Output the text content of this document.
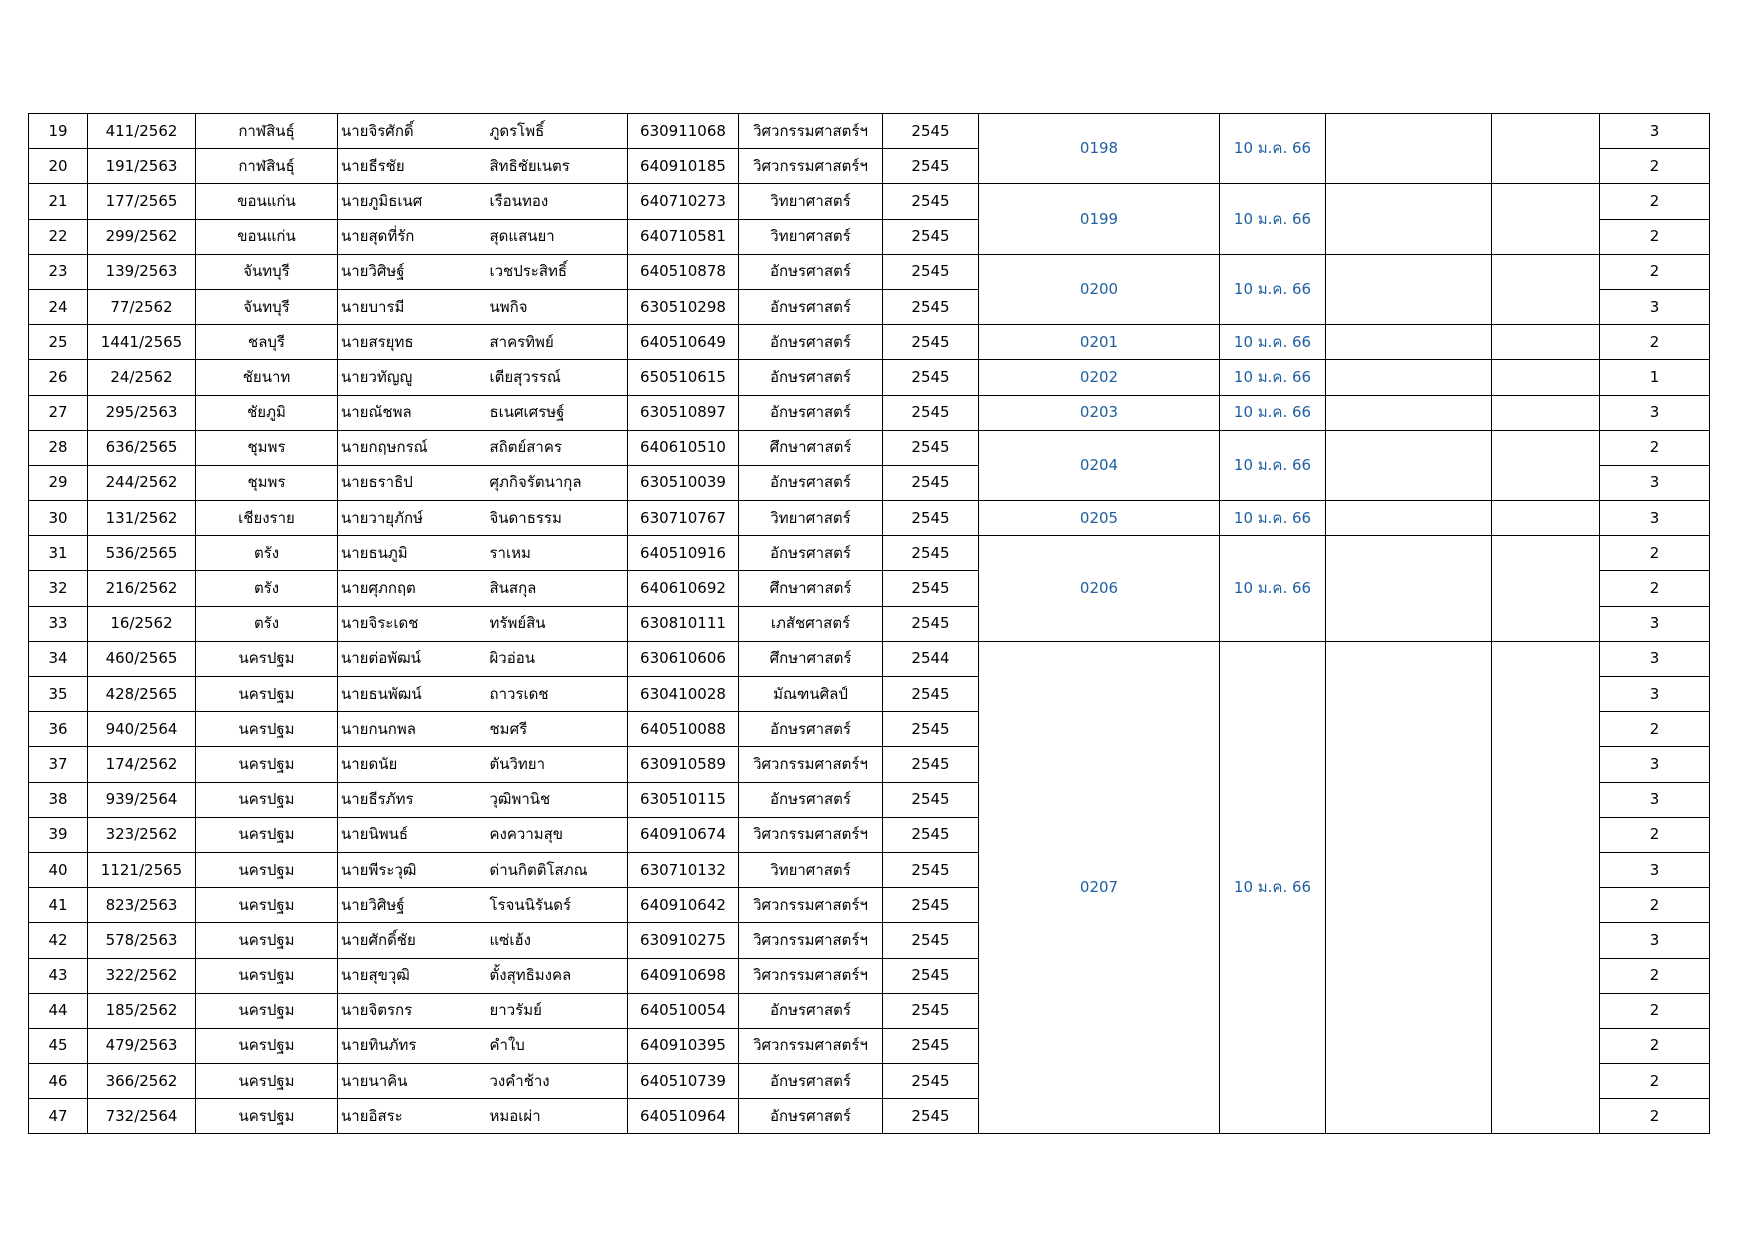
19	411/2562	กาฬสินธุ์	นายจิรศักดิ์	ภูดรโพธิ์	630911068	วิศวกรรมศาสตร์ฯ	2545	0198	10 ม.ค. 66			3
20	191/2563	กาฬสินธุ์	นายธีรชัย	สิทธิชัยเนตร	640910185	วิศวกรรมศาสตร์ฯ	2545					2
21	177/2565	ขอนแก่น	นายภูมิธเนศ	เรือนทอง	640710273	วิทยาศาสตร์	2545	0199	10 ม.ค. 66			2
22	299/2562	ขอนแก่น	นายสุดที่รัก	สุดแสนยา	640710581	วิทยาศาสตร์	2545					2
23	139/2563	จันทบุรี	นายวิศิษฐ์	เวชประสิทธิ์	640510878	อักษรศาสตร์	2545	0200	10 ม.ค. 66			2
24	77/2562	จันทบุรี	นายบารมี	นพกิจ	630510298	อักษรศาสตร์	2545					3
25	1441/2565	ชลบุรี	นายสรยุทธ	สาครทิพย์	640510649	อักษรศาสตร์	2545	0201	10 ม.ค. 66			2
26	24/2562	ชัยนาท	นายวทัญญู	เตียสุวรรณ์	650510615	อักษรศาสตร์	2545	0202	10 ม.ค. 66			1
27	295/2563	ชัยภูมิ	นายณัชพล	ธเนศเศรษฐ์	630510897	อักษรศาสตร์	2545	0203	10 ม.ค. 66			3
28	636/2565	ชุมพร	นายกฤษกรณ์	สถิตย์สาคร	640610510	ศึกษาศาสตร์	2545	0204	10 ม.ค. 66			2
29	244/2562	ชุมพร	นายธราธิป	ศุภกิจรัตนากุล	630510039	อักษรศาสตร์	2545					3
30	131/2562	เชียงราย	นายวายุภักษ์	จินดาธรรม	630710767	วิทยาศาสตร์	2545	0205	10 ม.ค. 66			3
31	536/2565	ตรัง	นายธนภูมิ	ราเหม	640510916	อักษรศาสตร์	2545	0206	10 ม.ค. 66			2
32	216/2562	ตรัง	นายศุภกฤต	สินสกุล	640610692	ศึกษาศาสตร์	2545					2
33	16/2562	ตรัง	นายจิระเดช	ทรัพย์สิน	630810111	เภสัชศาสตร์	2545					3
34	460/2565	นครปฐม	นายต่อพัฒน์	ผิวอ่อน	630610606	ศึกษาศาสตร์	2544	0207	10 ม.ค. 66			3
35	428/2565	นครปฐม	นายธนพัฒน์	ถาวรเดช	630410028	มัณฑนศิลป์	2545					3
36	940/2564	นครปฐม	นายกนกพล	ชมศรี	640510088	อักษรศาสตร์	2545					2
37	174/2562	นครปฐม	นายดนัย	ตันวิทยา	630910589	วิศวกรรมศาสตร์ฯ	2545					3
38	939/2564	นครปฐม	นายธีรภัทร	วุฒิพานิช	630510115	อักษรศาสตร์	2545					3
39	323/2562	นครปฐม	นายนิพนธ์	คงความสุข	640910674	วิศวกรรมศาสตร์ฯ	2545					2
40	1121/2565	นครปฐม	นายพีระวุฒิ	ด่านกิตติโสภณ	630710132	วิทยาศาสตร์	2545					3
41	823/2563	นครปฐม	นายวิศิษฐ์	โรจนนิรันดร์	640910642	วิศวกรรมศาสตร์ฯ	2545					2
42	578/2563	นครปฐม	นายศักดิ์ชัย	แซ่เฮ้ง	630910275	วิศวกรรมศาสตร์ฯ	2545					3
43	322/2562	นครปฐม	นายสุขวุฒิ	ตั้งสุทธิมงคล	640910698	วิศวกรรมศาสตร์ฯ	2545					2
44	185/2562	นครปฐม	นายจิตรกร	ยาวรัมย์	640510054	อักษรศาสตร์	2545					2
45	479/2563	นครปฐม	นายทินภัทร	คำใบ	640910395	วิศวกรรมศาสตร์ฯ	2545					2
46	366/2562	นครปฐม	นายนาคิน	วงคำช้าง	640510739	อักษรศาสตร์	2545					2
47	732/2564	นครปฐม	นายอิสระ	หมอเผ่า	640510964	อักษรศาสตร์	2545					2
